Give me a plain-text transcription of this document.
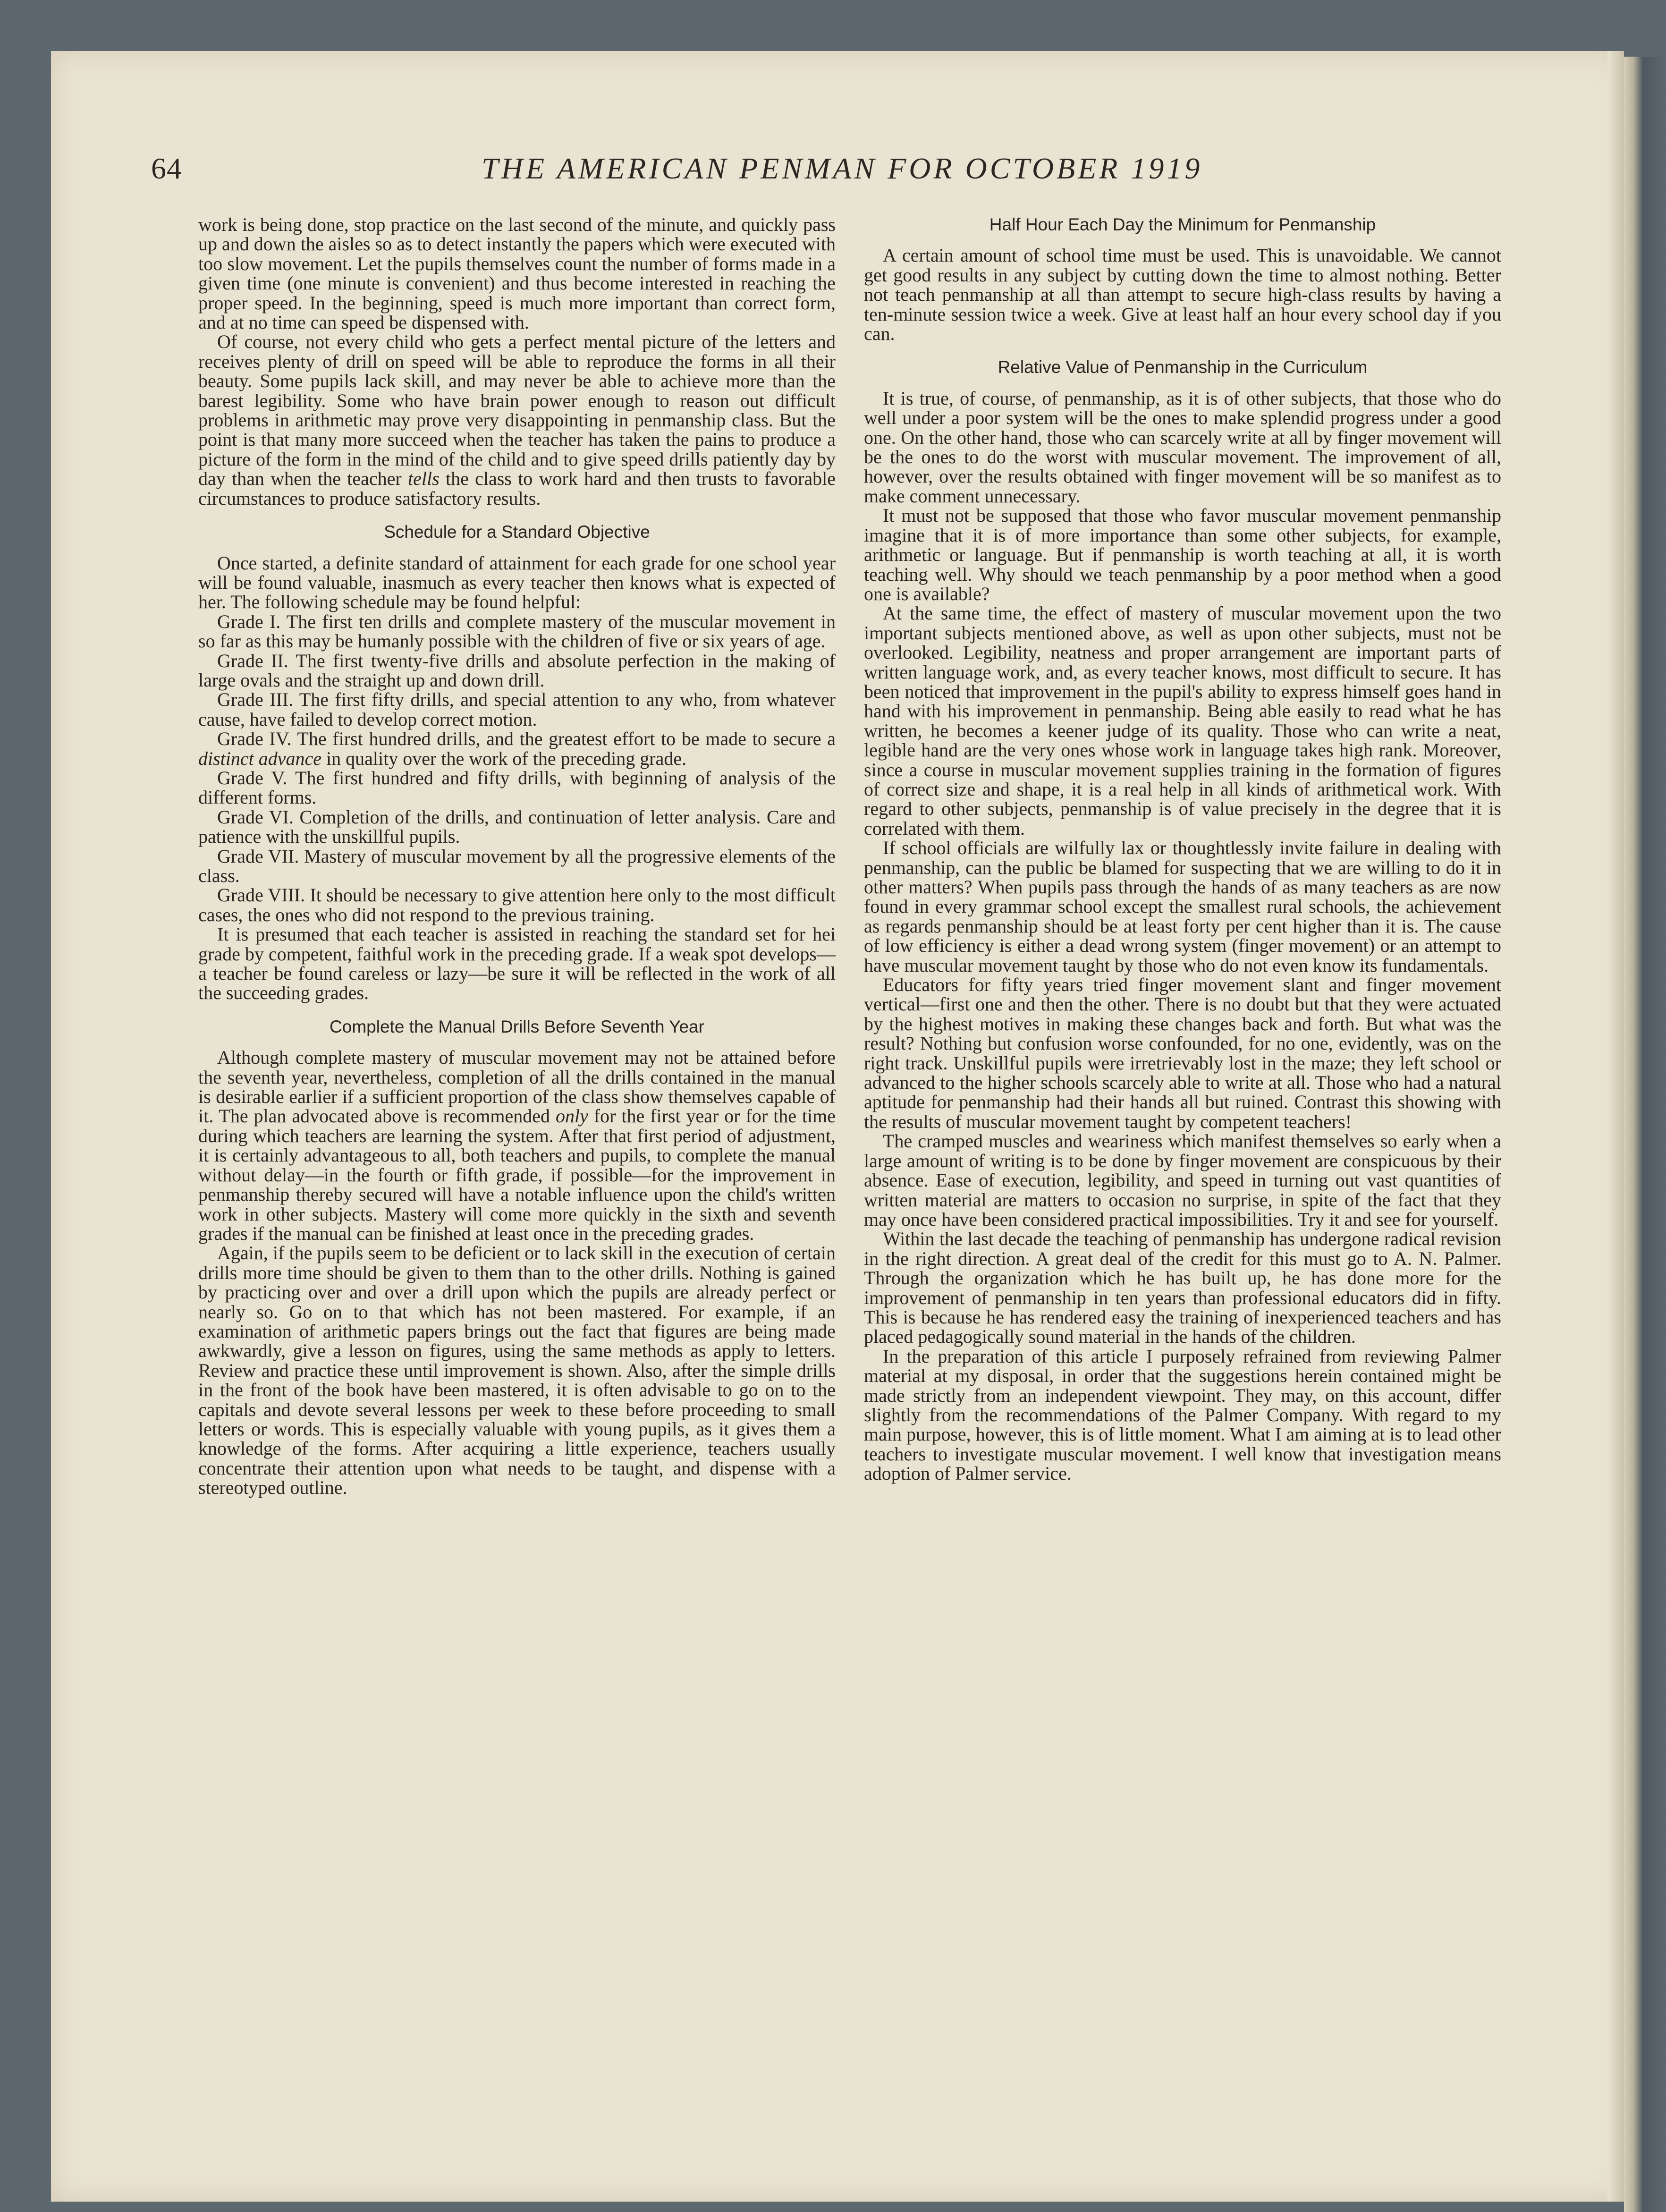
64	THE AMERICAN PENMAN FOR OCTOBER 1919

work is being done, stop practice on the last second of the minute, and quickly pass up and down the aisles so as to detect instantly the papers which were executed with too slow movement. Let the pupils themselves count the number of forms made in a given time (one minute is convenient) and thus become interested in reaching the proper speed. In the beginning, speed is much more important than correct form, and at no time can speed be dispensed with.

Of course, not every child who gets a perfect mental picture of the letters and receives plenty of drill on speed will be able to reproduce the forms in all their beauty. Some pupils lack skill, and may never be able to achieve more than the barest legibility. Some who have brain power enough to reason out difficult problems in arithmetic may prove very disappointing in penmanship class. But the point is that many more succeed when the teacher has taken the pains to produce a picture of the form in the mind of the child and to give speed drills patiently day by day than when the teacher tells the class to work hard and then trusts to favorable circumstances to produce satisfactory results.

Schedule for a Standard Objective

Once started, a definite standard of attainment for each grade for one school year will be found valuable, inasmuch as every teacher then knows what is expected of her. The following schedule may be found helpful:

Grade I. The first ten drills and complete mastery of the muscular movement in so far as this may be humanly possible with the children of five or six years of age.

Grade II. The first twenty-five drills and absolute perfection in the making of large ovals and the straight up and down drill.

Grade III. The first fifty drills, and special attention to any who, from whatever cause, have failed to develop correct motion.

Grade IV. The first hundred drills, and the greatest effort to be made to secure a distinct advance in quality over the work of the preceding grade.

Grade V. The first hundred and fifty drills, with beginning of analysis of the different forms.

Grade VI. Completion of the drills, and continuation of letter analysis. Care and patience with the unskillful pupils.

Grade VII. Mastery of muscular movement by all the progressive elements of the class.

Grade VIII. It should be necessary to give attention here only to the most difficult cases, the ones who did not respond to the previous training.

It is presumed that each teacher is assisted in reaching the standard set for hei grade by competent, faithful work in the preceding grade. If a weak spot develops—a teacher be found careless or lazy—be sure it will be reflected in the work of all the succeeding grades.

Complete the Manual Drills Before Seventh Year

Although complete mastery of muscular movement may not be attained before the seventh year, nevertheless, completion of all the drills contained in the manual is desirable earlier if a sufficient proportion of the class show themselves capable of it. The plan advocated above is recommended only for the first year or for the time during which teachers are learning the system. After that first period of adjustment, it is certainly advantageous to all, both teachers and pupils, to complete the manual without delay—in the fourth or fifth grade, if possible—for the improvement in penmanship thereby secured will have a notable influence upon the child's written work in other subjects. Mastery will come more quickly in the sixth and seventh grades if the manual can be finished at least once in the preceding grades.

Again, if the pupils seem to be deficient or to lack skill in the execution of certain drills more time should be given to them than to the other drills. Nothing is gained by practicing over and over a drill upon which the pupils are already perfect or nearly so. Go on to that which has not been mastered. For example, if an examination of arithmetic papers brings out the fact that figures are being made awkwardly, give a lesson on figures, using the same methods as apply to letters. Review and practice these until improvement is shown. Also, after the simple drills in the front of the book have been mastered, it is often advisable to go on to the capitals and devote several lessons per week to these before proceeding to small letters or words. This is especially valuable with young pupils, as it gives them a knowledge of the forms. After acquiring a little experience, teachers usually concentrate their attention upon what needs to be taught, and dispense with a stereotyped outline.

Half Hour Each Day the Minimum for Penmanship

A certain amount of school time must be used. This is unavoidable. We cannot get good results in any subject by cutting down the time to almost nothing. Better not teach penmanship at all than attempt to secure high-class results by having a ten-minute session twice a week. Give at least half an hour every school day if you can.

Relative Value of Penmanship in the Curriculum

It is true, of course, of penmanship, as it is of other subjects, that those who do well under a poor system will be the ones to make splendid progress under a good one. On the other hand, those who can scarcely write at all by finger movement will be the ones to do the worst with muscular movement. The improvement of all, however, over the results obtained with finger movement will be so manifest as to make comment unnecessary.

It must not be supposed that those who favor muscular movement penmanship imagine that it is of more importance than some other subjects, for example, arithmetic or language. But if penmanship is worth teaching at all, it is worth teaching well. Why should we teach penmanship by a poor method when a good one is available?

At the same time, the effect of mastery of muscular movement upon the two important subjects mentioned above, as well as upon other subjects, must not be overlooked. Legibility, neatness and proper arrangement are important parts of written language work, and, as every teacher knows, most difficult to secure. It has been noticed that improvement in the pupil's ability to express himself goes hand in hand with his improvement in penmanship. Being able easily to read what he has written, he becomes a keener judge of its quality. Those who can write a neat, legible hand are the very ones whose work in language takes high rank. Moreover, since a course in muscular movement supplies training in the formation of figures of correct size and shape, it is a real help in all kinds of arithmetical work. With regard to other subjects, penmanship is of value precisely in the degree that it is correlated with them.

If school officials are wilfully lax or thoughtlessly invite failure in dealing with penmanship, can the public be blamed for suspecting that we are willing to do it in other matters? When pupils pass through the hands of as many teachers as are now found in every grammar school except the smallest rural schools, the achievement as regards penmanship should be at least forty per cent higher than it is. The cause of low efficiency is either a dead wrong system (finger movement) or an attempt to have muscular movement taught by those who do not even know its fundamentals.

Educators for fifty years tried finger movement slant and finger movement vertical—first one and then the other. There is no doubt but that they were actuated by the highest motives in making these changes back and forth. But what was the result? Nothing but confusion worse confounded, for no one, evidently, was on the right track. Unskillful pupils were irretrievably lost in the maze; they left school or advanced to the higher schools scarcely able to write at all. Those who had a natural aptitude for penmanship had their hands all but ruined. Contrast this showing with the results of muscular movement taught by competent teachers!

The cramped muscles and weariness which manifest themselves so early when a large amount of writing is to be done by finger movement are conspicuous by their absence. Ease of execution, legibility, and speed in turning out vast quantities of written material are matters to occasion no surprise, in spite of the fact that they may once have been considered practical impossibilities. Try it and see for yourself.

Within the last decade the teaching of penmanship has undergone radical revision in the right direction. A great deal of the credit for this must go to A. N. Palmer. Through the organization which he has built up, he has done more for the improvement of penmanship in ten years than professional educators did in fifty. This is because he has rendered easy the training of inexperienced teachers and has placed pedagogically sound material in the hands of the children.

In the preparation of this article I purposely refrained from reviewing Palmer material at my disposal, in order that the suggestions herein contained might be made strictly from an independent viewpoint. They may, on this account, differ slightly from the recommendations of the Palmer Company. With regard to my main purpose, however, this is of little moment. What I am aiming at is to lead other teachers to investigate muscular movement. I well know that investigation means adoption of Palmer service.
